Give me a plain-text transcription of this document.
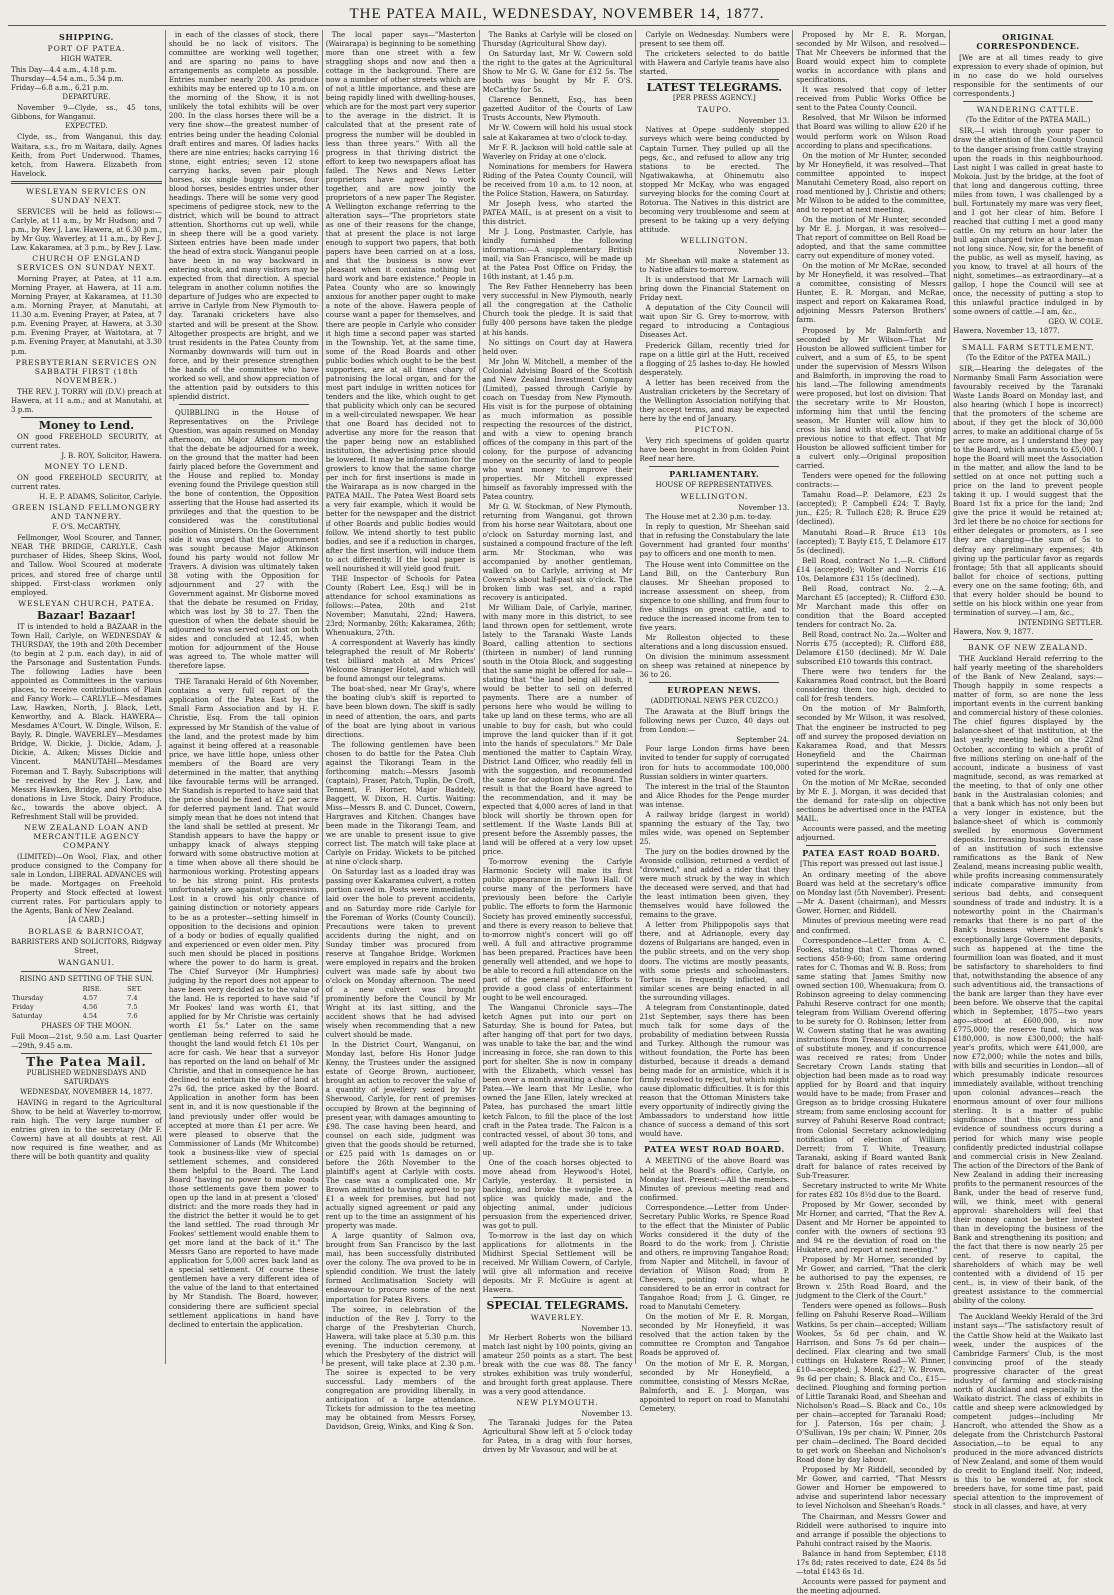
THE PATEA MAIL, WEDNESDAY, NOVEMBER 14, 1877.
SHIPPING.
PORT OF PATEA.
HIGH WATER.
This Day—4.4 a.m., 4.18 p.m.
Thursday—4.54 a.m., 5.34 p.m.
Friday—6.8 a.m., 6.21 p.m.
DEPARTURE.
November 9—Clyde, ss., 45 tons, Gibbons, for Wanganui.
EXPECTED.
Clyde, ss., from Wanganui, this day. Waitara, s.s., fro m Waitara, daily. Agnes Keith, from Port Underwood. Thames, ketch, from Hawera. Elizabeth from Havelock.
WESLEYAN SERVICES ON SUNDAY NEXT.
SERVICES will be held as follows:— Carlyle, at 11 a.m., by Mr Hudson; and 7 p.m., by Rev J. Law. Hawera, at 6.30 p.m., by Mr Guy. Waverley, at 11 a.m., by Rev J. Law. Kakaramea, at 3 p.m., by Rev J. Law.
CHURCH OF ENGLAND SERVICES ON SUNDAY NEXT.
Morning Prayer, at Patea, at 11 a.m. Morning Prayer, at Hawera, at 11 a.m. Morning Prayer, at Kakaramea, at 11.30 a.m. Morning Prayer, at Manutahi, at 11.30 a.m. Evening Prayer, at Patea, at 7 p.m. Evening Prayer, at Hawera, at 3.30 p.m. Evening Prayer, at Waitotara, at 7 p.m. Evening Prayer, at Manutahi, at 3.30 p.m.
PRESBYTERIAN SERVICES ON SABBATH FIRST (18th NOVEMBER.)
THE REV. J. TORRY will (D.V.) preach at Hawera, at 11 a.m.; and at Manutahi, at 3 p.m.
Money to Lend.
ON good FREEHOLD SECURITY, at current rates.
J. B. ROY, Solicitor, Hawera.
MONEY TO LEND.
ON good FREEHOLD SECURITY, at current rates.
H. E. P. ADAMS, Solicitor, Carlyle.
GREEN ISLAND FELLMONGERY AND TANNERY.
F. O'S. McCARTHY,
Fellmonger, Wool Scourer, and Tanner, NEAR THE BRIDGE, CARLYLE. Cash purchaser of Hides, Sheep Skins, Wool, and Tallow. Wool Scoured at moderate prices, and stored free of charge until shipped. First-class workmen only employed.
WESLEYAN CHURCH, PATEA.
Bazaar! Bazaar!
IT is intended to hold a BAZAAR in the Town Hall, Carlyle, on WEDNESDAY & THURSDAY, the 19th and 20th December (to begin at 2 p.m. each day), in aid of the Parsonage and Sustentation Funds. The following Ladies have been appointed as Committees in the various places, to receive contributions of Plain and Fancy Work:— CARLYLE—Mesdames Law, Hawken, North, J. Black, Lett, Kenworthy, and A. Black. HAWERA—Mesdames A'Court, W. Dingle, Wilson, E. Bayly, R. Dingle. WAVERLEY—Mesdames Bridge, W. Dickie, J. Dickie, Adam, J. Dickie, A. Aiken; Misses Dickie and Vincent. MANUTAHI—Mesdames Foreman and T. Bayly. Subscriptions will be received by the Rev J. Law, and Messrs Hawken, Bridge, and North; also donations in Live Stock, Dairy Produce, &c., towards the above object. A Refreshment Stall will be provided.
NEW ZEALAND LOAN AND MERCANTILE AGENCY COMPANY
(LIMITED)—On Wool, Flax, and other produce consigned to the Company for sale in London, LIBERAL ADVANCES will be made. Mortgages on Freehold Property and Stock effected at lowest current rates. For particulars apply to the Agents, Bank of New Zealand.
[A CARD.]
BORLASE & BARNICOAT,
BARRISTERS AND SOLICITORS, Ridgway Street,
WANGANUI.
RISING AND SETTING OF THE SUN.
	RISE.	SET.
Thursday	4.57	7.4
Friday	4.56	7.5
Saturday	4.54	7.6
PHASES OF THE MOON.
Full Moon—21st, 9.50 a.m. Last Quarter—29th, 9.45 a.m.
The Patea Mail.
PUBLISHED WEDNESDAYS AND SATURDAYS
WEDNESDAY, NOVEMBER 14, 1877.
HAVING in regard to the Agricultural Show, to be held at Waverley to-morrow, rain high. The very large number of entries given in to the secretary (Mr F. Cowern) have at all doubts at rest. All now required is fine weather, and as there will be both quantity and quality
in each of the classes of stock, there should be no lack of visitors. The committee are working well together, and are sparing no pains to have arrangements as complete as possible. Entries number nearly 200. As produce exhibits may be entered up to 10 a.m. on the morning of the Show, it is not unlikely the total exhibits will be over 200. In the class horses there will be a very fine show—the greatest number of entries being under the heading Colonial draft entires and mares. Of ladies hacks there are nine entries; hacks carrying 16 stone, eight entries; seven 12 stone carrying hacks, seven pair plough horses, six single buggy horses, four blood horses, besides entries under other headings. There will be some very good specimens of pedigree stock, new to the district, which will be bound to attract attention. Shorthorns cut up well, while in sheep there will be a good variety. Sixteen entries have been made under the head of extra stock. Wanganui people have been in no way backward in entering stock, and many visitors may be expected from that direction. A special telegram in another column notifies the departure of Judges who are expected to arrive in Carlyle from New Plymouth to-day. Taranaki cricketers have also started and will be present at the Show. Altogether prospects are bright, and we trust residents in the Patea County from Normanby downwards will turn out in force, and by their presence strengthen the hands of the committee who have worked so well, and show appreciation of the attention paid by outsiders to this splendid district.
QUIBBLING in the House of Representatives on the Privilege Question, was again resumed on Monday afternoon, on Major Atkinson moving that the debate be adjourned for a week, on the ground that the matter had been fairly placed before the Government and the House and replied to. Monday evening found the Privilege question still the bone of contention, the Opposition asserting that the House had asserted its privileges and that the question to be considered was the constitutional position of Ministers. On the Government side it was urged that the adjournment was sought because Major Atkinson found his party would not follow Mr Travers. A division was ultimately taken 38 voting with the Opposition for adjournment and 27 with the Government against. Mr Gisborne moved that the debate be resumed on Friday, which was lost by 38 to 27. Then the question of when the debate should be adjourned to was served out last on both sides and concluded at 12.45, when motion for adjournment of the House was agreed to. The whole matter will therefore lapse.
THE Taranaki Herald of 6th November, contains a very full report of the application of the Patea East by the Small Farm Association and by H. F. Christie, Esq. From the tall opinion expressed by Mr Standish of the value of the land, and the protest made by him against it being offered at a reasonable price, we have little hope, unless other members of the Board are very determined in the matter, that anything like favourable terms will be arranged. Mr Standish is reported to have said that the price should be fixed at £2 per acre for deferred payment land. That would simply mean that he does not intend that the land shall be settled at present. Mr Standish appears to have the happy or unhappy knack of always stepping forward with some obstructive motion at a time when above all there should be harmonious working. Protesting appears to be his strong point. His protests unfortunately are against progressivism. Lost in a crowd his only chance of gaining distinction or notoriety appears to be as a protester—setting himself in opposition to the decisions and opinion of a body or bodies of equally qualified and experienced or even older men. Pity such men should be placed in positions where the power to do harm is great. The Chief Surveyor (Mr Humphries) judging by the report does not appear to have been very decided as to the value of the land. He is reported to have said "if Mr Fookes' land was worth £1, that applied for by Mr Christie was certainly worth £1 5s." Later on the same gentleman being referred to said he thought the land would fetch £1 10s per acre for cash. We hear that a surveyor has reported on the land on behalf of Mr Christie, and that in consequence he has declined to entertain the offer of land at 27s 6d, the price asked by the Board. Application in another form has been sent in, and it is now questionable if the land previously under offer would be accepted at more than £1 per acre. We were pleased to observe that the Commissioner of Lands (Mr Whitcombe) took a business-like view of special settlement schemes, and considered them helpful to the Board. The Land Board "having no power to make roads those settlements gave them power to open up the land in at present a 'closed' district: and the more roads they had in the district the better it would be to get the land settled. The road through Mr Fookes' settlement would enable them to get more land at the back of it." The Messrs Gano are reported to have made application for 5,000 acres back land as a special settlement. Of course these gentlemen have a very different idea of the value of the land to that entertained by Mr Standish. The Board, however, considering there are sufficient special settlement applications in hand have declined to entertain the application.
The local paper says—"Masterton (Wairarapa) is beginning to be something more than one street with a few straggling shops and now and then a cottage in the background. There are now a number of other streets which are of not a little importance, and these are being rapidly lined with dwelling-houses, which are for the most part very superior to the average in the district. It is calculated that at the present rate of progress the number will be doubled in less than three years." With all the progress in that thriving district the effort to keep two newspapers afloat has failed. The News and News Letter proprietors have agreed to work together, and are now jointly the proprietors of a new paper The Register. A Wellington exchange referring to the alteration says—"The proprietors state as one of their reasons for the change, that at present the place is not large enough to support two papers, that both papers have been carried on at a loss, and that the business is now ever pleasant when it contains nothing but hard work and bare existence." People in Patea County who are so knowingly anxious for another paper ought to make a note of the above. Hawera people of course want a paper for themselves, and there are people in Carlyle who consider it high time a second paper was started in the Township. Yet, at the same time, some of the Road Boards and other public bodies which ought to be the best supporters, are at all times chary of patronising the local organ, and for the most part indulge in written notices for tenders and the like, which ought to get that publicity which only can be secured in a well-circulated newspaper. We hear that one Board has decided not to advertise any more for the reason that the paper being now an established institution, the advertising price should be lowered. It may be information for the growlers to know that the same charge per inch for first insertions is made in the Wairarapa as is now charged in the PATEA MAIL. The Patea West Board sets a very fair example, which it would be better for the newspaper and the district if other Boards and public bodies would follow. We intend shortly to test public bodies, and see if a reduction in charges, after the first insertion, will induce them to act differently. If the local paper is well nourished it will yield good fruit.
THE Inspector of Schools for Patea County (Robert Lee, Esq.) will be in attendance for school examinations as follows:—Patea, 20th and 21st November; Manutahi, 22nd; Hawera, 23rd; Normanby, 26th; Kakaramea, 26th; Whenuakura, 27th.
A correspondent at Waverly has kindly telegraphed the result of Mr Roberts' test billiard match at Mrs Prices' Welcome Stranger Hotel, and which will be found amongst our telegrams.
The boat-shed, near Mr Gray's, where the boating club's skiff is reported to have been blown down. The skiff is sadly in need of attention, the oars, and parts of the boat are lying about in various directions.
The following gentlemen have been chosen to do battle for the Patea Club against the Tikorangi Team in the forthcoming match:—Messrs Jasomb (captain), Fraser, Patch, Tuplin, De Croft, Tennent, F. Horner, Major Baddely, Baggett, W. Dixon, H. Curtis. Waiting: Miss—Messrs B. and C. Duncet, Cowern, Hargraves and Kitchen. Changes have been made in the Tikorangi Team, and we are unable to present issue to give correct list. The match will take place at Carlyle on Friday. Wickets to be pitched at nine o'clock sharp.
On Saturday last as a loaded dray was passing over Kakaramea culvert, a rotten portion caved in. Posts were immediately laid over the hole to prevent accidents, and on Saturday more ride Carlyle for the Foreman of Works (County Council). Precautions were taken to prevent accidents during the night, and on Sunday timber was procured from reserve at Tangahoe Bridge. Workmen were employed in repairs and the broken culvert was made safe by about two o'clock on Monday afternoon. The need of a new culvert was brought prominently before the Council by Mr Wright at its last sitting, and the accident shows that he had advised wisely when recommending that a new culvert should be made.
In the District Court, Wanganui, on Monday last, before His Honor Judge Kenny, the Trustees under the assigned estate of George Brown, auctioneer, brought an action to recover the value of a quantity of jewellery seized by Mr Sherwood, Carlyle, for rent of premises occupied by Brown at the beginning of present year, with damages amounting to £98. The case having been heard, and counsel on each side, judgment was given that the goods should be returned, or £25 paid with 1s damages on or before the 26th November to the plaintiff's agent at Carlyle with costs. The case was a complicated one. Mr Brown admitted to having agreed to pay £1 a week for premises, but had not actually signed agreement or paid any rent up to the time an assignment of his property was made.
A large quantity of Salmon ova, brought from San Francisco by the last mail, has been successfully distributed over the colony. The ova proved to be in splendid condition. We trust the lately formed Acclimatisation Society will endeavour to procure some of the next importation for Patea Rivers.
The soiree, in celebration of the induction of the Rev J. Torry to the charge of the Presbyterian Church, Hawera, will take place at 5.30 p.m. this evening. The induction ceremony, at which the Presbytery of the district will be present, will take place at 2.30 p.m. The soiree is expected to be very successful. Lady members of the congregation are providing liberally, in anticipation of a large attendance. Tickets for admission to the tea meeting may be obtained from Messrs Forsey, Davidson, Greig, Winks, and King & Son.
The Banks at Carlyle will be closed on Thursday (Agricultural Show day).
On Saturday last, Mr W. Cowern sold the right to the gates at the Agricultural Show to Mr G. W. Gane for £12 5s. The booth was bought by Mr F. O'S. McCarthy for 5s.
Clarence Bennett, Esq., has been gazetted Auditor of the Courts of Law Trusts Accounts, New Plymouth.
Mr W. Cowern will hold his usual stock sale at Kakaramea at two o'clock to-day.
Mr F. R. Jackson will hold cattle sale at Waverley on Friday at one o'clock.
Nominations for members for Hawera Riding of the Patea County Council, will be received from 10 a.m. to 12 noon, at the Police Station, Hawera, on Saturday.
Mr Joseph Ivess, who started the PATEA MAIL, is at present on a visit to this district.
Mr J. Long, Postmaster, Carlyle, has kindly furnished the following information:—A supplementary British mail, via San Francisco, will be made up at the Patea Post Office on Friday, the 16th instant, at 1.45 p.m.
The Rev Father Henneberry has been very successful in New Plymouth, nearly all the congregation at the Catholic Church took the pledge. It is said that fully 400 persons have taken the pledge at his hands.
No sittings on Court day at Hawera held over.
Mr John W. Mitchell, a member of the Colonial Advising Board of the Scottish and New Zealand Investment Company (Limited), passed through Carlyle by coach on Tuesday from New Plymouth. His visit is for the purpose of obtaining as much information as possible respecting the resources of the district, and with a view to opening branch offices of the company in this part of the colony, for the purpose of advancing money on the security of land to people who want money to improve their properties. Mr Mitchell expressed himself as favorably impressed with the Patea country.
Mr G. W. Stockman, of New Plymouth, returning from Wanganui, got thrown from his horse near Waitotara, about one o'clock on Saturday morning last, and sustained a compound fracture of the left arm. Mr Stockman, who was accompanied by another gentleman, walked on to Carlyle, arriving at Mr Cowern's about half-past six o'clock. The broken limb was set, and a rapid recovery is anticipated.
Mr William Dale, of Carlyle, mariner, with many more in this district, to see land thrown open for settlement, wrote lately to the Taranaki Waste Lands Board, calling attention to sections (thirteen in number) of land running south in the Otoia Block, and suggesting that the same might be offered for sale—stating that "the land being all bush, it would be better to sell on deferred payments. There are a number of persons here who would be willing to take up land on these terms, who are all unable to buy for cash, but who could improve the land quicker than if it got into the hands of speculators." Mr Dale mentioned the matter to Captain Wray, District Land Officer, who readily fell in with the suggestion, and recommended the same for adoption by the Board. The result is that the Board have agreed to the recommendation, and it may be expected that 4,000 acres of land in that block will shortly be thrown open for settlement. If the Waste Lands Bill at present before the Assembly passes, the land will be offered at a very low upset price.
To-morrow evening the Carlyle Harmonic Society will make its first public appearance in the Town Hall. Of course many of the performers have previously been before the Carlyle public. The efforts to form the Harmonic Society has proved eminently successful, and there is every reason to believe that to-morrow night's concert will go off well. A full and attractive programme has been prepared. Practices have been generally well attended, and we hope to be able to record a full attendance on the part of the general public. Efforts to provide a good class of entertainment ought to be well encouraged.
The Wanganui Chronicle says—The ketch Agnes put into our port on Saturday. She is bound for Patea, but after hanging off that port for two days, was unable to take the bar, and the wind increasing in force, she ran down to this port for shelter. She is now in company with the Elizabeth, which vessel has been over a month awaiting a chance for Patea.—We learn that Mr Leslie, who owned the Jane Ellen, lately wrecked at Patea, has purchased the smart little ketch Falcon, to fill the place of the lost craft in the Patea trade. The Falcon is a contracted vessel, of about 30 tons, and well adapted for the trade she is to take up.
One of the coach horses objected to move ahead from Heywood's Hotel, Carlyle, yesterday. It persisted in backing, and broke the swingle tree. A splice was quickly made, and the objecting animal, under judicious persuasion from the experienced driver, was got to pull.
To-morrow is the last day on which applications for allotments in the Midhirst Special Settlement will be received. Mr William Cowern, of Carlyle, will give all information and receive deposits. Mr F. McGuire is agent at Hawera.
SPECIAL TELEGRAMS.
WAVERLEY.
November 13.
Mr Herbert Roberts won the billiard match last night by 100 points, giving an amateur 250 points as a start. The best break with the cue was 88. The fancy strokes exhibition was truly wonderful, and brought forth great applause. There was a very good attendance.
NEW PLYMOUTH.
November 13.
The Taranaki Judges for the Patea Agricultural Show left at 5 o'clock today for Patea, in a drag with four horses, driven by Mr Vavasour, and will be at
Carlyle on Wednesday. Numbers were present to see them off.
The cricketers selected to do battle with Hawera and Carlyle teams have also started.
LATEST TELEGRAMS.
[PER PRESS AGENCY.]
TAUPO.
November 13.
Natives at Opepe suddenly stopped surveys which were being conducted by Captain Turner. They pulled up all the pegs, &c., and refused to allow any trig stations to be erected. The Ngatiwakawha, at Ohinemutu also stopped Mr McKay, who was engaged surveying blocks for the coming Court at Rotorua. The Natives in this district are becoming very troublesome and seem at present to be taking up a very defying attitude.
WELLINGTON.
November 13.
Mr Sheehan will make a statement as to Native affairs to-morrow.
It is understood that Mr Larnach will bring down the Financial Statement on Friday next.
A deputation of the City Council will wait upon Sir G. Grey to-morrow, with regard to introducing a Contagious Diseases Act.
Frederick Gillam, recently tried for rape on a little girl at the Hutt, received a flogging of 25 lashes to-day. He howled desperately.
A letter has been received from the Australian cricketers by the Secretary of the Wellington Association notifying that they accept terms, and may be expected here by the end of January.
PICTON.
Very rich specimens of golden quartz have been brought in from Golden Point Reef near here.
PARLIAMENTARY.
HOUSE OF REPRESENTATIVES.
WELLINGTON.
November 13.
The House met at 2.30 p.m. to-day.
In reply to question, Mr Sheehan said that in refusing the Constabulary the late Government had granted four months' pay to officers and one month to men.
The House went into Committee on the Land Bill, on the Canterbury Run clauses. Mr Sheehan proposed to increase assessment on sheep, from sixpence to one shilling, and from four to five shillings on great cattle, and to reduce the increased income from ten to five years.
Mr Rolleston objected to these alterations and a long discussion ensued.
On division the minimum assessment on sheep was retained at ninepence by 36 to 26.
EUROPEAN NEWS.
(ADDITIONAL NEWS PER CUZCO.)
The Arawata at the Bluff brings the following news per Cuzco, 40 days out from London:—
September 24.
Four large London firms have been invited to tender for supply of corrugated iron for huts to accommodate 100,000 Russian soldiers in winter quarters.
The interest in the trial of the Staunton and Alice Rhodes for the Penge murder was intense.
A railway bridge (largest in world) spanning the estuary of the Tay, two miles wide, was opened on September 25.
The jury on the bodies drowned by the Avonside collision, returned a verdict of "drowned," and added a rider that they were much struck by the way in which the deceased were served, and that had the least intimation been given, they themselves would have followed the remains to the grave.
A letter from Philippopolis says that there, and at Adrianople, every day dozens of Bulgarians are hanged, even in the public streets, and on the very shop doors. The victims are mostly peasants, with some priests and schoolmasters. Torture is frequently inflicted, and similar scenes are being enacted in all the surrounding villages.
A telegram from Constantinople, dated 21st September, says there has been much talk for some days of the probability of mediation between Russia and Turkey. Although the rumour was without foundation, the Porte has been disturbed, because it dreads a demand being made for an armistice, which it is firmly resolved to reject, but which might cause diplomatic difficulties. It is for this reason that the Ottoman Ministers take every opportunity of indirectly giving the Ambassadors to understand how little chance of success a demand of this sort would have.
PATEA WEST ROAD BOARD.
A MEETING of the above Board was held at the Board's office, Carlyle, on Monday last. Present:—All the members. Minutes of previous meeting read and confirmed.
Correspondence.—Letter from Under-Secretary Public Works, re Spence Road to the effect that the Minister of Public Works considered it the duty of the Board to do the work; from J. Christie and others, re improving Tangahoe Road; from Napier and Mitchell, in favour of deviation of Wilson Road; from P. Cheevers, pointing out what he considered to be an error in contract for Tangahoe Road; from J. G. Ginger, re road to Manutahi Cemetery.
On the motion of Mr E. R. Morgan, seconded by Mr Honeyfield, it was resolved that the action taken by the committee re Crompton and Tangahoe Roads be approved of.
On the motion of Mr E. R. Morgan, seconded by Mr Honeyfield, a committee, consisting of Messrs McRae, Balmforth, and E. J. Morgan, was appointed to report on road to Manutahi Cemetery.
Proposed by Mr E. R. Morgan, seconded by Mr Wilson, and resolved—That Mr Cheevers be informed that the Board would expect him to complete works in accordance with plans and specifications.
It was resolved that copy of letter received from Public Works Office be sent to the Patea County Council.
Resolved, that Mr Wilson be informed that Board was willing to allow £20 if he would perform work on Wilson Road according to plans and specifications.
On the motion of Mr Hunter, seconded by Mr Honeyfield, it was resolved—That committee appointed to inspect Manutahi Cemetery Road, also report on road mentioned by J. Christie and others; Mr Wilson to be added to the committee, and to report at next meeting.
On the motion of Mr Hunter, seconded by Mr E. J. Morgan, it was resolved—That report of committee on Bell Road be adopted, and that the same committee carry out expenditure of money voted.
On the motion of Mr McRae, seconded by Mr Honeyfield, it was resolved—That a committee, consisting of Messrs Hunter, E. R. Morgan, and McRae, inspect and report on Kakaramea Road, adjoining Messrs Paterson Brothers' farm.
Proposed by Mr Balmforth and seconded by Mr Wilson—That Mr Houston be allowed sufficient timber for culvert, and a sum of £5, to be spent under the supervision of Messrs Wilson and Balmforth, in improving the road to his land.—The following amendments were proposed, but lost on division: That the secretary write to Mr Houston, informing him that until the fencing season, Mr Hunter will allow him to cross his land with stock, upon giving previous notice to that effect. That Mr Houston be allowed sufficient timber for a culvert only.—Original proposition carried.
Tenders were opened for the following contracts:—
Tamahu Road—P. Delamore, £23 2s (accepted); P. Campbell £24; T. Bayly, jun., £25; R. Tulloch £28; R. Bruce £29 (declined).
Manutahi Road—R Bruce £13 10s (accepted); T. Bayly £15, T. Delamore £17 5s (declined).
Bell Road, contract No 1.—R. Clifford £14 (accepted); Wolter and Norris £16 10s, Delamore £31 15s (declined).
Bell Road, contract No. 2.—A. Marchant £5 (accepted); R. Clifford £30. Mr Marchant made this offer on condition that the Board accepted tenders for contract No. 2a.
Bell Road, contract No. 2a.—Wolter and Norris £75 (accepted); R. Clifford £88, Delamore £150 (declined). Mr W. Dale subscribed £10 towards this contract.
There were two tenders for the Kakaramea Road contract, but the Board considering them too high, decided to call for fresh tenders.
On the motion of Mr Balmforth, seconded by Mr Wilson, it was resolved, That the engineer be instructed to peg off and survey the proposed deviation on Kakaramea Road, and that Messrs Honeyfield and the Chairman superintend the expenditure of sum voted for the work.
On the motion of Mr McRae, seconded by Mr E. J. Morgan, it was decided that the demand for rate-slip on objective sections be advertised once in the PATEA MAIL.
Accounts were passed, and the meeting adjourned.
PATEA EAST ROAD BOARD.
[This report was pressed out last issue.]
An ordinary meeting of the above Board was held at the secretary's office on Monday last (5th November). Present:—Mr A. Dasent (chairman), and Messrs Gower, Horner, and Riddell.
Minutes of previous meeting were read and confirmed.
Correspondence—Letter from A. C. Fookes, stating that C. Thomas owned sections 458-9-60; from same ordering rates for C. Thomas and W. B. Ross; from same stating that James Smithy now owned section 100, Whenuakura; from O. Robinson agreeing to delay commencing Pahuhi Reserve contract for one month; telegram from William Overend offering to be surety for O. Robinson; letter from W. Cowern stating that he was awaiting instructions from Treasury as to disposal of substitute money, and if concurrence was received re rates; from Under Secretary Crown Lands stating that objection had been made as to road way applied for by Board and that inquiry would have to be made; from Fraser and Gregson as to bridge crossing Hukatere stream; from same enclosing account for survey of Pahuhi Reserve Road contract; from Colonial Secretary acknowledging notification of election of William Derrett; from T. White, Treasury, Taranaki, asking if Board wanted Bank draft for balance of rates received by Sub-Treasurer.
Secretary instructed to write Mr White for rates £82 10s 8½d due to the Board.
Proposed by Mr Gower, seconded by Mr Horner, and carried, "That the Rev A. Dasent and Mr Horner be appointed to confer with the owners of sections 93 and 94 re the deviation of road on the Hukatere, and report at next meeting."
Proposed by Mr Horner, seconded by Mr Gower, and carried, "That the clerk be authorised to pay the expenses, re Brown v. 25th Road Board, and the judgment to the Clerk of the Court."
Tenders were opened as follows—Bush felling on Pahuhi Reserve Road—William Watkins, 5s per chain—accepted; William Wookes, 5s 6d per chain, and W. Harrison, and Sons 7s 6d per chain—declined. Flax clearing and two small cuttings on Hukatere Road—W. Pinner, £10—accepted; J. Monk, £27; W. Brown, 9s 6d per chain; S. Black and Co., £15—declined. Ploughing and forming portion of Little Taranaki Road, and Sheehan and Nicholson's Road—S. Black and Co., 10s per chain—accepted for Taranaki Road; for J. Paterson, 16s per chain; J. O'Sullivan, 19s per chain; W. Pinner, 20s per chain—declined. The Board decided to get work on Sheehan and Nicholson's Road done by day labour.
Proposed by Mr Riddell, seconded by Mr Gower, and carried, "That Messrs Gower and Horner be empowered to advise and superintend labor necessary to level Nicholson and Sheehan's Roads."
The Chairman, and Messrs Gower and Riddell were authorised to inquire into and arrange if possible the objections to Pahuhi contract raised by the Maoris.
Balance in hand from September, £118 17s 8d; rates received to date, £24 8s 5d—total £143 6s 1d.
Accounts were passed for payment and the meeting adjourned.
ORIGINAL CORRESPONDENCE.
[We are at all times ready to give expression to every shade of opinion, but in no case do we hold ourselves responsible for the sentiments of our correspondents.]
WANDERING CATTLE.
(To the Editor of the PATEA MAIL.)
SIR,—I wish through your paper to draw the attention of the County Council to the danger arising from cattle straying upon the roads in this neighbourhood. Last night I was called in great haste to Mokoia. Just by the bridge, at the foot of that long and dangerous cutting, three miles from town, I was challenged by a bull. Fortunately my mare was very fleet, and I got her clear of him. Before I reached that cutting I met a good many cattle. On my return an hour later the bull again charged twice at a horse-man not long since. Now, sir, for the benefit of the public, as well as myself, having, as you know, to travel at all hours of the night, sometimes—as extraordinary—at a gallop, I hope the Council will see at once, the necessity of putting a stop to this unlawful practice indulged in by some owners of cattle.—I am, &c.,
GEO. W. COLE.
Hawera, November 13, 1877.
SMALL FARM SETTLEMENT.
(To the Editor of the PATEA MAIL.)
SIR,—Hearing the delegates of the Normanby Small Farm Association were favourably received by the Taranaki Waste Lands Board on Monday last, and also hearing (which I hope is incorrect) that the promoters of the scheme are about, if they get the block of 30,000 acres, to make an additional charge of 5s per acre more, as I understand they pay to the Board, which amounts to £5,000. I hope the Board will meet the Association in the matter, and allow the land to be settled on at once not putting such a price on the land to prevent people taking it up. I would suggest that the Board 1st fix a price for the land; 2nd give the price it would be retained at; 3rd let there be no choice for sections for either delegates or promoters, as I see they are charging—the sum of 5s to defray any preliminary expenses; 4th giving up the particular favor as regards frontage; 5th that all applicants should ballot for choice of sections, putting every one on the same footing; 6th, and that every holder should be bound to settle on his block within one year from termination of survey.—I am, &c.,
INTENDING SETTLER.
Hawera, Nov. 9, 1877.
BANK OF NEW ZEALAND.
THE Auckland Herald referring to the half yearly meeting of the shareholders of the Bank of New Zealand, says:—Though happily in some respects a matter of form, so are none the less important events in the current banking and commercial history of these colonies. The chief figures displayed by the balance-sheet of that institution, at the last yearly meeting held on the 22nd October, according to which a profit of five millions sterling on one-half of the account, indicate a business of vast magnitude, second, as was remarked at the meeting, to that of only one other bank in the Australasian colonies; and that a bank which has not only been but a very longer in existence, but the balance-sheet of which is commonly swelled by enormous Government deposits. Increasing business in the case of an institution of such extensive ramifications as the Bank of New Zealand, means increasing public wealth, while profits increasing commensurately indicate comparative immunity from serious bad debts, and consequent soundness of trade and industry. It is a noteworthy point in the Chairman's remarks that there is no part of the Bank's business where the Bank's exceptionally large Government deposits, such as happened at the time the fourmillion loan was floated, and it must be satisfactory to shareholders to find that, notwithstanding the absence of any such adventitious aid, the transactions of the bank are larger than they have ever been before. We observe that the capital which in September, 1875—two years ago—stood at £600,000, is now £775,000; the reserve fund, which was £180,000, is now £300,000; the half-year's profits, which were £41,000, are now £72,000; while the notes and bills, with bills and securities in London—all of which presumably indicate resources immediately available, without trenching upon colonial advances—reach the enormous amount of over four millions sterling. It is a matter of public significance that this progress and evidence of soundness occurs during a period for which many wise people confidently predicted industrial collapse and commercial crisis in New Zealand. The action of the Directors of the Bank of New Zealand in adding their increasing profits to the permanent resources of the Bank, under the head of reserve fund, will, we think, meet with general approval: shareholders will feel that their money cannot be better invested than in developing the business of the Bank and strengthening its position; and the fact that there is now nearly 25 per cent. of reserve to capital, the shareholders of which may be well contented with a dividend of 15 per cent., is, in view of their bank, of the greatest assistance to the commercial ability of the colony.
The Auckland Weekly Herald of the 3rd instant says—"The satisfactory result of the Cattle Show held at the Waikato last week, under the auspices of the Cambridge Farmers' Club, is the most convincing proof of the steady progressive character of the great industry of farming and stock-raising north of Auckland and especially in the Waikato district. The class of exhibits in cattle and sheep were acknowledged by competent judges—including Mr Hancroft, who attended the Show as a delegate from the Christchurch Pastoral Association,—to be equal to any produced in the more advanced districts of New Zealand, and some of them would do credit to England itself. Nor, indeed, is this to be wondered at, for stock breeders have, for some time past, paid special attention to the improvement of stock in all classes, and have, at very
